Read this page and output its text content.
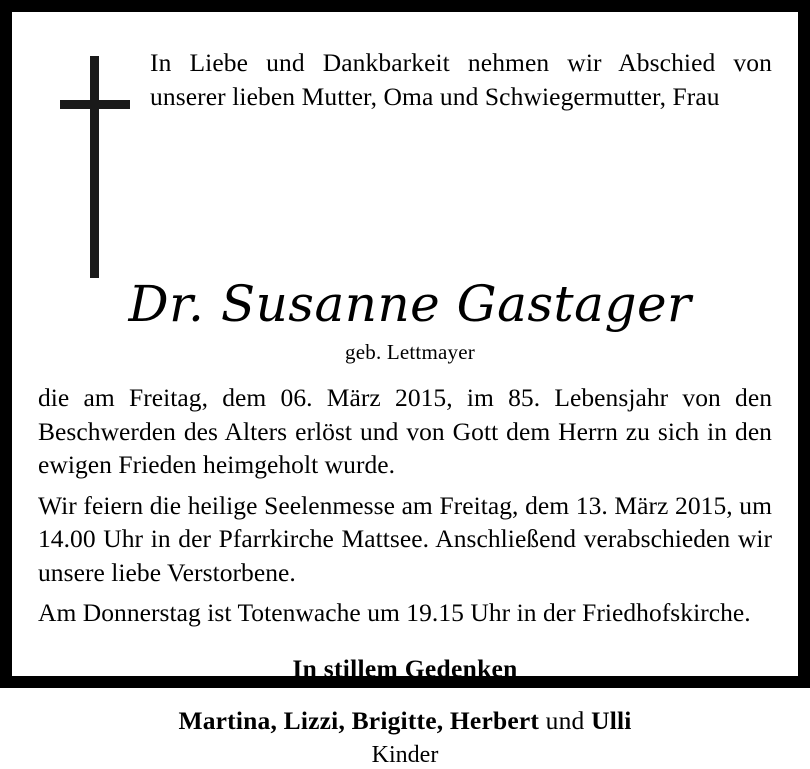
In Liebe und Dankbarkeit nehmen wir Abschied von unserer lieben Mutter, Oma und Schwiegermutter, Frau

Dr. Susanne Gastager
geb. Lettmayer

die am Freitag, dem 06. März 2015, im 85. Lebensjahr von den Beschwerden des Alters erlöst und von Gott dem Herrn zu sich in den ewigen Frieden heimgeholt wurde.

Wir feiern die heilige Seelenmesse am Freitag, dem 13. März 2015, um 14.00 Uhr in der Pfarrkirche Mattsee. Anschließend verabschieden wir unsere liebe Verstorbene.

Am Donnerstag ist Totenwache um 19.15 Uhr in der Friedhofskirche.

In stillem Gedenken
Martina, Lizzi, Brigitte, Herbert und Ulli
Kinder
